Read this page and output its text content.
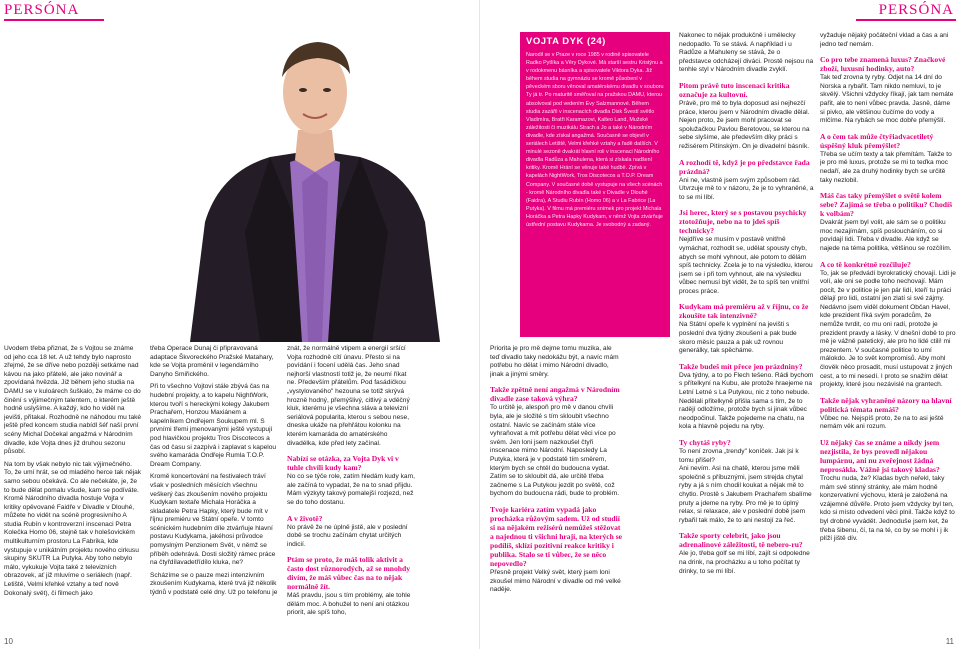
PERSÓNA

Úvodem třeba přiznat, že s Vojtou se známe od jeho cca 18 let. A už tehdy bylo naprosto zřejmé, že se dříve nebo později setkáme nad kávou na jako přátelé, ale jako novinář a zpovídaná hvězda. Již během jeho studia na DAMU se v kuloárech šuškalo, že máme co do činění s výjimečným talentem, o kterém ještě hodně uslyšíme. A každý, kdo ho viděl na jevišti, přitakal. Rozhodně ne náhodou mu také ještě před koncem studia nabídl šéf naší první scény Michal Dočekal angažmá v Národním divadle, kde Vojta dnes již druhou sezonu působí.

Na tom by však nebylo nic tak výjimečného. To, že umí hrát, se od mladého herce tak nějak samo sebou očekává. Co ale nečekáte, je, že to bude dělat pomalu všude, kam se podíváte. Kromě Národního divadla hostuje Vojta v kritiky opěvované Faidře v Divadle v Dlouhé, můžete ho vidět na scéně progresivního A studia Rubín v kontroverzní inscenaci Petra Kolečka Homo 06, stejně tak v holešovickém multikulturním prostoru La Fabrika, kde vystupuje v unikátním projektu nového cirkusu skupiny SKUTR La Putyka. Aby toho nebylo málo, vykukuje Vojta také z televizních obrazovek, ať již mluvíme o seriálech (např. Letiště, Velmi křehké vztahy a teď nově Dokonalý svět), či filmech jako

třeba Operace Dunaj či připravovaná adaptace Škvoreckého Pražské Matahary, kde se Vojta proměnil v legendárního Danyho Smiřického.

Při to všechno Vojtovi stále zbývá čas na hudební projekty, a to kapelu NightWork, kterou tvoří s hereckými kolegy Jakubem Prachařem, Honzou Maxiánem a kapelníkem Ondřejem Soukupem ml. S prvními třemi jmenovanými ještě vystupují pod hlavičkou projektu Tros Discotecos a čas od času si zazpívá i zaplavat s kapelou svého kamaráda Ondřeje Rumla T.O.P. Dream Company.

Kromě koncertování na festivalech tráví však v posledních měsících všechnu veškerý čas zkoušením nového projektu Kudykam textaře Michala Horáčka a skladatele Petra Hapky, který bude mít v říjnu premiéru ve Státní opeře. V tomto scénickém hudebním díle ztvárňuje hlavní postavu Kudykama, jakéhosi průvodce pomyslným Penzionem Svět, v němž se příběh odehrává. Dosti složitý rámec práce na čtyřdílavadetřídílo kluka, ne?

Scházíme se o pauze mezi intenzivním zkoušením Kudykama, které trvá již několik týdnů v podstatě celé dny. Už po telefonu je

znát, že normálně vtipem a energií sršící Vojta rozhodně cítí únavu. Přesto si na povídání i focení udělá čas. Jeho snad nejhorší vlastností totiž je, že neumí říkat ne. Především přátelům. Pod fasádičkou „vystylovaného" hezouna se totiž skrývá hrozně hodný, přemýšlivý, citlivý a vděčný kluk, kterému je všechna sláva a televizní seriálová popularita, kterou s sebou nese, dneska ukáže na přehřátou kolonku na kterém kamaráda do amatérského divadélka, kde před lety začínal.

Nabízí se otázka, za Vojta Dyk vi v tuhle chvíli kudy kam?

No co se týče role, zatím hledám kudy kam, ale začíná to vypadat, že na to snad přijdu. Mám výzkyty takový pomalejší rozjezd, než se do toho dostanu.

A v životě?

No právě že ne úplně jistě, ale v poslední době se trochu začínám chytat určitých indicií.

Ptám se proto, že máš tolik aktivit a často dost různorodých, až se mnohdy divím, že máš vůbec čas na to nějak normálně žít.

Máš pravdu, jsou s tím problémy, ale tohle dělám moc. A bohužel to není ani otázkou priorit, ale spíš toho,

10
PERSÓNA
11
VOJTA DYK (24)
Narodil se v Praze v roce 1985 v rodině spisovatele Radko Pytlíka a Věry Dykové. Má starší sestru Kristýnu a v rodokmenu básníka a spisovatele Viktora Dyka. Již během studia na gymnáziu se kromě působení v pěveckém sboru věnoval amatérskému divadlu v souboru Ty já tr. Po maturitě směřoval na pražskou DAMU, kterou absolvoval pod vedením Evy Salzmannové. Během studia zazářil v inscenacích divadla Disk Švestí světlo Vladimíra, Bratři Karamazovi, Kalteo Land, Mužské záležitosti či muzikálu Strach a Jo a také v Národním divadle, kde získal angažmá. Současně se objevil v seriálech Letiště, Velmi křehké vztahy a řadě dalších. V minulé sezoně dvakrát hlavní roli v inscenaci Národního divadla Radůza a Mahulena, která si získala nadšení kritiky. Kromě Hrání se věnuje také hudbě. Zpívá v kapelách NightWork, Tros Discotecos a T.O.P. Dream Company. V současné době vystupuje na všech scénách - kromě Národního divadla také v Divadle v Dlouhé (Faidra), A Studiu Rubín (Homo 06) a v La Fabrice (La Putyka). V filmu má premiéru snímek pro projekt Michala Horáčka a Petra Hapky Kudykam, v němž Vojta ztvárňuje ústřední postavu Kudykama. Je svobodný a zadaný.

Priorita je pro mě dejme tomu muzika, ale teď divadlo taky nedokážu být, a navíc mám potřebu ho dělat i mimo Národní divadlo, jinak a jinými směry.

Takže zpětně není angažmá v Národním divadle zase taková výhra?

To určitě je, alespoň pro mě v danou chvíli byla, ale je složité s tím skloubit všechno ostatní. Navíc se začínám stále více vyhraňovat a mít potřebu dělat věci více po svém. Jen loni jsem nazkoušel čtyři inscenace mimo Národní. Naposledy La Putyka, která je v podstatě tím směrem, kterým bych se chtěl do budoucna vydat. Zatím se to skloubit dá, ale určitě třeba začneme s La Putykou jezdit po světě, což bychom do budoucna rádi, bude to problém.

Tvoje kariéra zatím vypadá jako procházka růžovým sadem. Už od studií si na nějakém režisérů nemůžeš stěžovat a najednou ti všichni hrají, na kterých se podílíš, sklízí pozitivní reakce kritiky i publika. Stalo se ti vůbec, že se něco nepovedlo?

Přesně projekt Velký svět, který jsem loni zkoušel mimo Národní v divadle od mě velké naděje.

Nakonec to nějak produkčně i umělecky nedopadlo. To se stává. A například i u Radůze a Mahuleny se stává, že o představce odcházejí diváci. Prostě nejsou na tenhle styl v Národním divadle zvyklí.

Pitom právě tuto inscenaci kritika označuje za kultovní.

Právě, pro mě to byla doposud asi nejhezčí práce, kterou jsem v Národním divadle dělal. Nejen proto, že jsem mohl pracovat se spolužačkou Pavlou Beretovou, se kterou na sebe slyšíme, ale především díky práci s režisérem Pitínským. On je divadelní básník.

A rozhodí tě, když je po představce řada prázdná?

Ani ne, vlastně jsem svým způsobem rád. Utvrzuje mě to v názoru, že je to vyhraněné, a to se mi líbí.

Jsi herec, který se s postavou psychicky ztotožňuje, nebo na to jdeš spíš technicky?

Nejdříve se musím v postavě vnitřně vymáchat, rozhodit se, udělat spousty chyb, abych se mohl vyhnout, ale potom to dělám spíš technicky. Zcela je to na výsledku, kterou jsem se i při tom vyhnout, ale na výsledku vůbec nemusí být vidět, že to spíš ten vnitřní proces práce.

Kudykam má premiéru až v říjnu, co že zkoušíte tak intenzivně?

Na Státní opeře k vyplnění na jevišti s poslední dva týdny zkoušení a pak bude skoro měsíc pauza a pak už rovnou generálky, tak spěcháme.

Takže budeš mít přece jen prázdniny?

Dva týdny, a to po Flech tešeno. Rádi bychom s přítelkyní na Kubu, ale protože hraejeme na Letní Letné s La Putykou, nic z toho nebude. Nedělali přitelkyně přišla sama s tím, že to radějí odložíme, protože bych si jinak vůbec neodpočinul. Takže pojedeme na chatu, na kola a hlavně pojedu na ryby.

Ty chytáš ryby?

To není zrovna „trendy" koníček. Jak jsi k tomu přišel?

Ani nevím. Asi na chatě, kterou jsme měli společně s příbuznými, jsem strejda chytal ryby a já s ním chodil koukat a nějak mě to chytlo. Prostě s Jakubem Prachařem sbalíme pruty a jdeme na ryby. Pro mě je to úplný relax, si relaxace, ale v poslední době jsem rybařil tak málo, že to ani nestojí za řeč.

Takže sporty celebrit, jako jsou adrenalinové záležitosti, tě nebero-ru?

Ale jo, třeba golf se mi líbí, zajít si odpoledne na drink, na procházku a u toho počítat ty drinky, to se mi líbí.

vyžaduje nějaký počáteční vklad a čas a ani jedno teď nemám.

Co pro tebe znamená luxus? Značkové zboží, luxusní hodinky, auto?

Tak teď zrovna ty ryby. Odjet na 14 dní do Norska a rybařit. Tam nikdo nemluví, to je skvělý. Všichni vždycky říkají, jak tam nemáte pařit, ale to není vůbec pravda. Jasně, dáme si pivko, ale většinou čučíme do vody a mlčíme. Na rybách se moc dobře přemýšlí.

A o čem tak může čtyřiadvacetiletý úspěšný kluk přemýšlet?

Třeba se učím texty a tak přemítám. Takže to je pro mě luxus, protože se mi to teďka moc nedaří, ale za druhý hodinky bych se určitě taky nezlobil.

Máš čas taky přemýšlet o světě kolem sebe? Zajímá se třeba o politiku? Chodíš k volbám?

Dvakrát jsem byl volit, ale sám se o politiku moc nezajímám, spíš posloucháním, co si povídají lidi. Třeba v divadle. Ale když se najede na téma politika, většinou se rozčílím.

A co tě konkrétně rozčiluje?

To, jak se předvádí byrokratický chovají. Lidi je volí, ale oni se podle toho nechovají. Mám pocit, že v politice je jen pár lidí, kteří tu práci dělají pro lidi, ostatní jen zlatí si své zájmy. Nedávno jsem viděl dokument Občan Havel, kde prezident říká svým poradcům, že nemůže tvrdit, co mu oni radí, protože je prezident pravdy a lásky. V dnešní době to pro mě je vážně patetický, ale pro ho lidé ctili! mi prezentem. V současné politice to umí málokdo. Je to svět kompromisů. Aby mohl člověk něco prosadit, musí ustupovat z jiných cest, a to mi nesedí. I proto se snažím dělat projekty, které jsou nezávislé na grantech.

Takže nějak vyhraněné názory na hlavní politická témata nemáš?

Vůbec ne. Nejspíš proto, že na to asi ještě nemám věk ani rozum.

Už nějaký čas se známe a nikdy jsem nezjistila, že bys provedl nějakou lumpárnu, ani nu zveřejnost žádná neprosákla. Vážně jsi takový kladas?

Trochu nuda, že? Kladas bych neřekl, taky mám své stinný stránky, ale mám hodně konzervativní výchovu, která je založená na vzájemné důvěře. Proto jsem vždycky byl ten, kdo si místo odvedení věci plnil. Takže když to byl drobné vyvádět. Jednoduše jsem ket, že třeba šibenu, čí, ta na té, co by se mohl i j ik plíží jiště dív.
